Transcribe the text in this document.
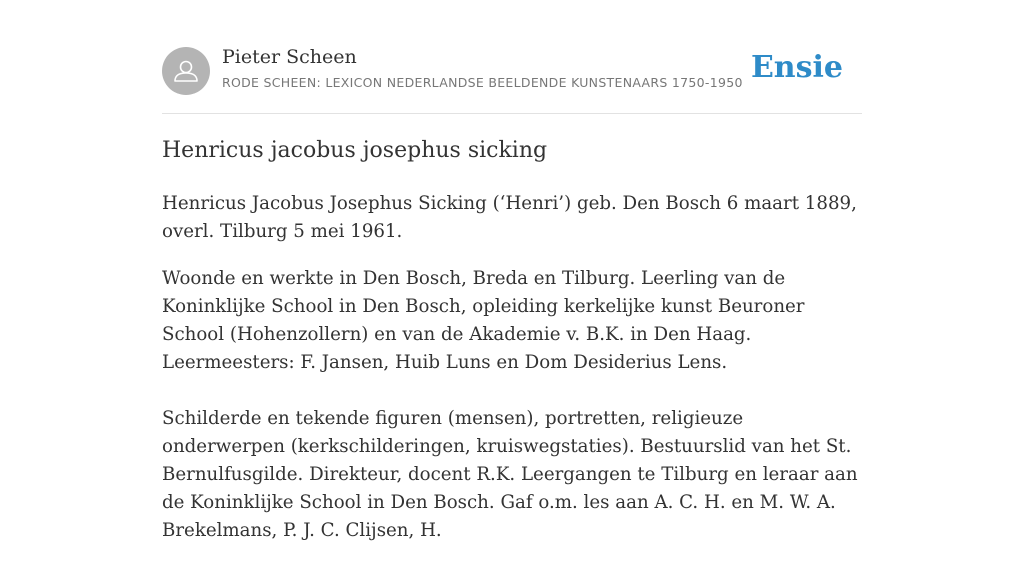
Pieter Scheen
RODE SCHEEN: LEXICON NEDERLANDSE BEELDENDE KUNSTENAARS 1750-1950 Ensie
Henricus jacobus josephus sicking

Henricus Jacobus Josephus Sicking (‘Henri’) geb. Den Bosch 6 maart 1889, overl. Tilburg 5 mei 1961.

Woonde en werkte in Den Bosch, Breda en Tilburg. Leerling van de Koninklijke School in Den Bosch, opleiding kerkelijke kunst Beuroner School (Hohenzollern) en van de Akademie v. B.K. in Den Haag. Leermeesters: F. Jansen, Huib Luns en Dom Desiderius Lens.

Schilderde en tekende figuren (mensen), portretten, religieuze onderwerpen (kerkschilderingen, kruiswegstaties). Bestuurslid van het St. Bernulfusgilde. Direkteur, docent R.K. Leergangen te Tilburg en leraar aan de Koninklijke School in Den Bosch. Gaf o.m. les aan A. C. H. en M. W. A. Brekelmans, P. J. C. Clijsen, H.
